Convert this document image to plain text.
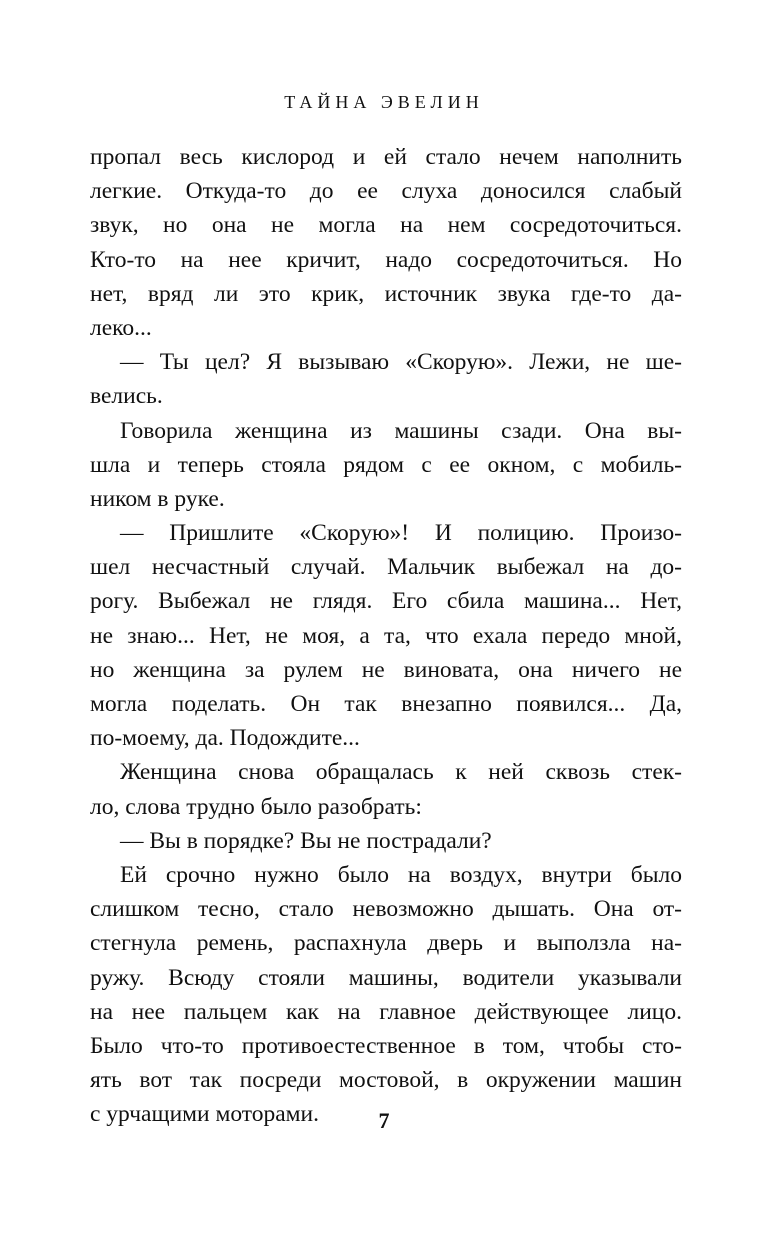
ТАЙНА ЭВЕЛИН
пропал весь кислород и ей стало нечем наполнить
легкие. Откуда-то до ее слуха доносился слабый
звук, но она не могла на нем сосредоточиться.
Кто-то на нее кричит, надо сосредоточиться. Но
нет, вряд ли это крик, источник звука где-то да-
леко...
— Ты цел? Я вызываю «Скорую». Лежи, не ше-
велись.
Говорила женщина из машины сзади. Она вы-
шла и теперь стояла рядом с ее окном, с мобиль-
ником в руке.
— Пришлите «Скорую»! И полицию. Произо-
шел несчастный случай. Мальчик выбежал на до-
рогу. Выбежал не глядя. Его сбила машина... Нет,
не знаю... Нет, не моя, а та, что ехала передо мной,
но женщина за рулем не виновата, она ничего не
могла поделать. Он так внезапно появился... Да,
по-моему, да. Подождите...
Женщина снова обращалась к ней сквозь стек-
ло, слова трудно было разобрать:
— Вы в порядке? Вы не пострадали?
Ей срочно нужно было на воздух, внутри было
слишком тесно, стало невозможно дышать. Она от-
стегнула ремень, распахнула дверь и выползла на-
ружу. Всюду стояли машины, водители указывали
на нее пальцем как на главное действующее лицо.
Было что-то противоестественное в том, чтобы сто-
ять вот так посреди мостовой, в окружении машин
с урчащими моторами.	7
